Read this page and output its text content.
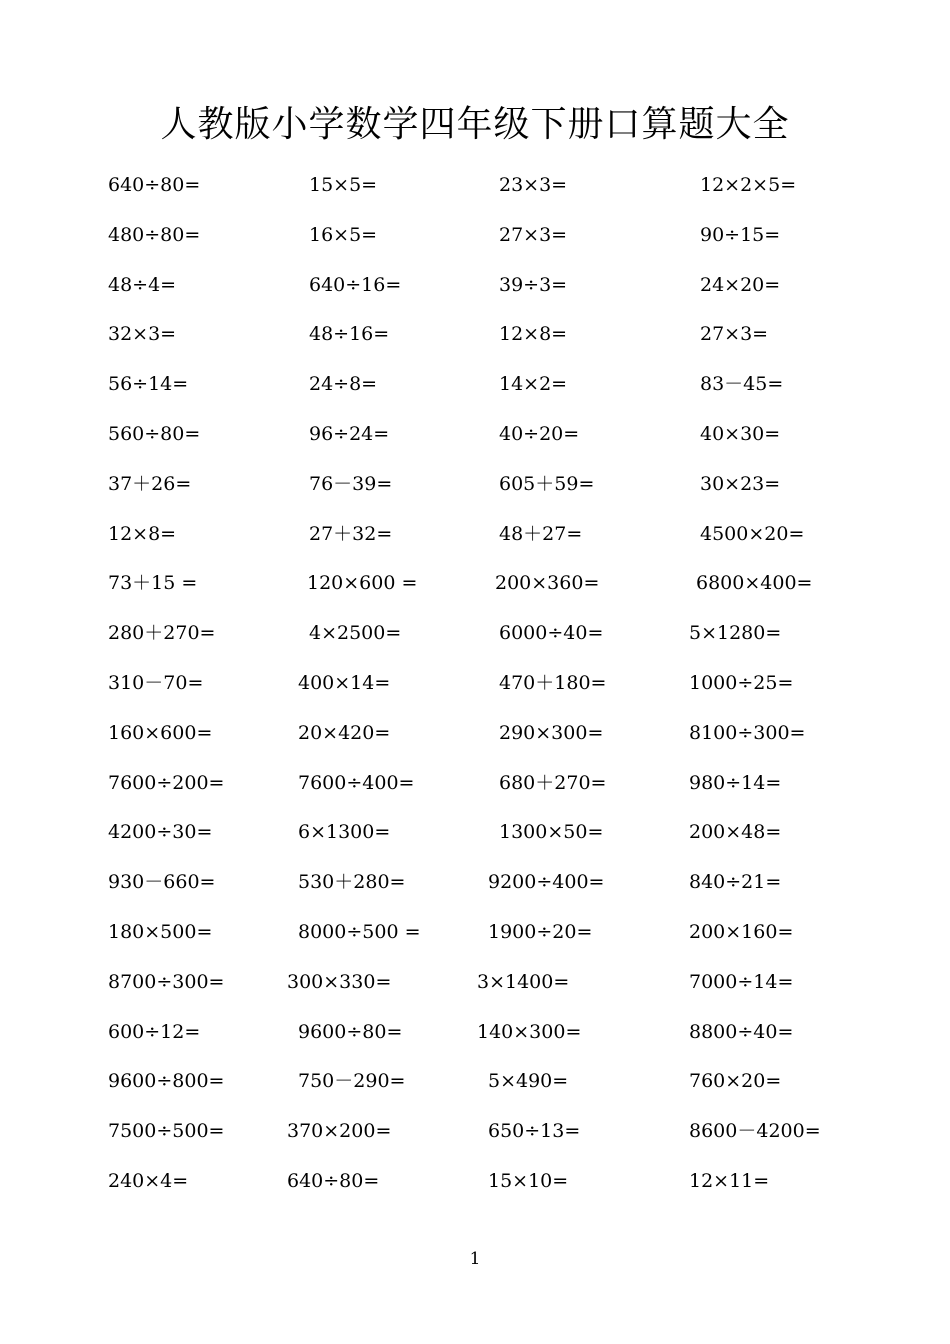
人教版小学数学四年级下册口算题大全
640÷80=	15×5=	23×3=	12×2×5=
480÷80=	16×5=	27×3=	90÷15=
48÷4=	640÷16=	39÷3=	24×20=
32×3=	48÷16=	12×8=	27×3=
56÷14=	24÷8=	14×2=	83－45=
560÷80=	96÷24=	40÷20=	40×30=
37＋26=	76－39=	605＋59=	30×23=
12×8=	27＋32=	48＋27=	4500×20=
73＋15 =	120×600 =	200×360=	6800×400=
280＋270=	4×2500=	6000÷40=	5×1280=
310－70=	400×14=	470＋180=	1000÷25=
160×600=	20×420=	290×300=	8100÷300=
7600÷200=	7600÷400=	680＋270=	980÷14=
4200÷30=	6×1300=	1300×50=	200×48=
930－660=	530＋280=	9200÷400=	840÷21=
180×500=	8000÷500 =	1900÷20=	200×160=
8700÷300=	300×330=	3×1400=	7000÷14=
600÷12=	9600÷80=	140×300=	8800÷40=
9600÷800=	750－290=	5×490=	760×20=
7500÷500=	370×200=	650÷13=	8600－4200=
240×4=	640÷80=	15×10=	12×11=
1
